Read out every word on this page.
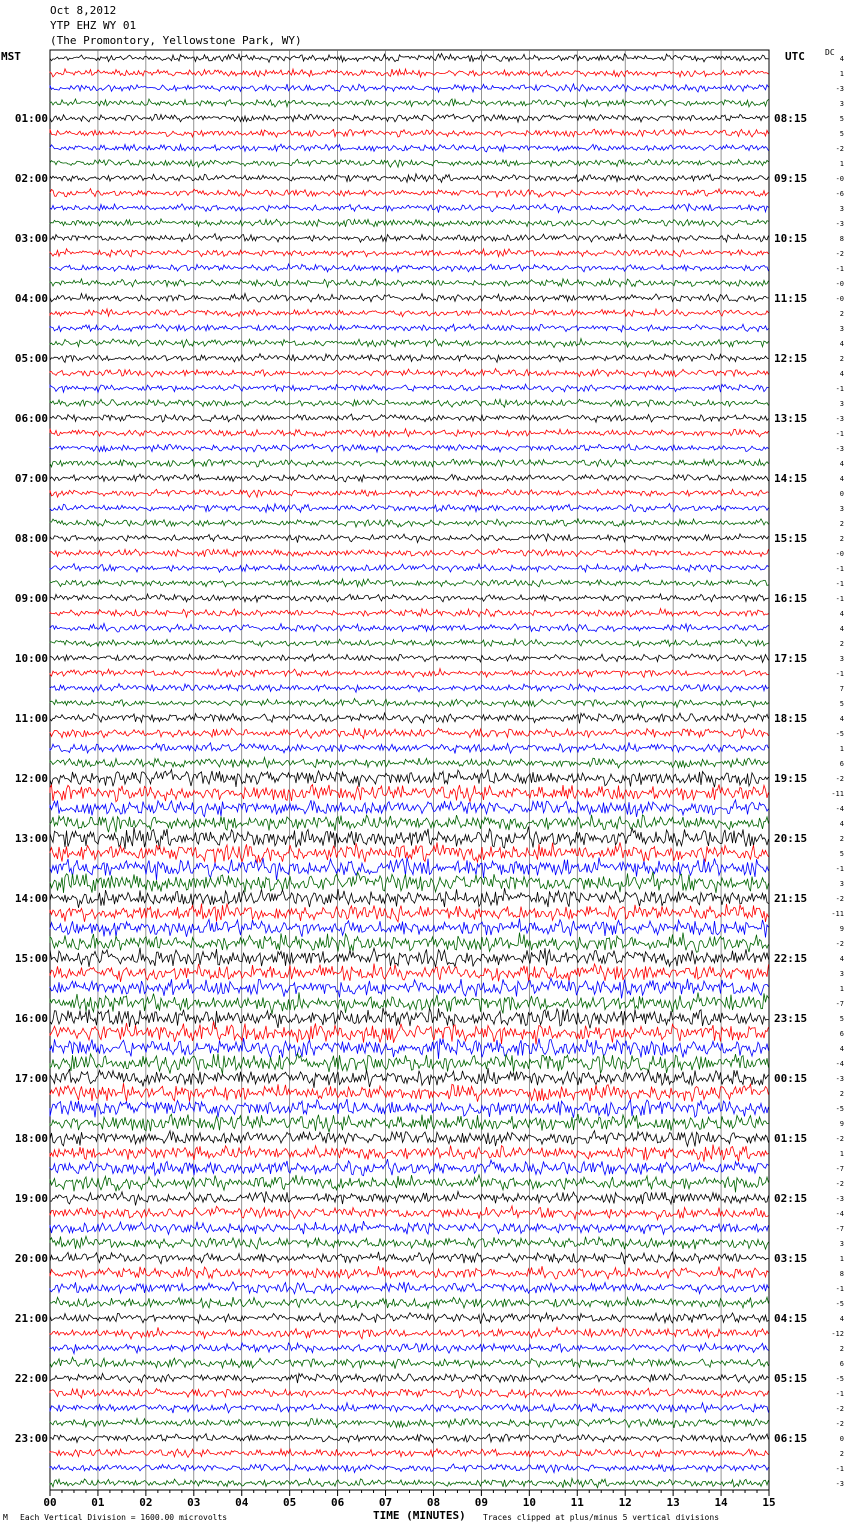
Oct 8,2012
YTP EHZ WY 01
(The Promontory, Yellowstone Park, WY)
MST	UTC	DC
4
1
-3
3
5
5
-2
1
-0
-6
3
-3
8
-2
-1
-0
-0
2
3
4
2
4
-1
3
-3
-1
-3
4
4
0
3
2
2
-0
-1
-1
-1
4
4
2
3
-1
7
5
4
-5
1
6
-2
-11
-4
4
2
5
-1
3
-2
-11
9
-2
4
3
1
-7
5
6
4
-4
-3
2
-5
9
-2
1
-7
-2
-3
-4
-7
3
1
8
-1
-5
4
-12
2
6
-5
-1
-2
-2
0
2
-1
-3
01:00	08:15
02:00	09:15
03:00	10:15
04:00	11:15
05:00	12:15
06:00	13:15
07:00	14:15
08:00	15:15
09:00	16:15
10:00	17:15
11:00	18:15
12:00	19:15
13:00	20:15
14:00	21:15
15:00	22:15
16:00	23:15
17:00	00:15
18:00	01:15
19:00	02:15
20:00	03:15
21:00	04:15
22:00	05:15
23:00	06:15
00	01	02	03	04	05	06	07	08	09	10	11	12	13	14	15
M Each Vertical Division = 1600.00 microvolts	TIME (MINUTES) Traces clipped at plus/minus 5 vertical divisions
